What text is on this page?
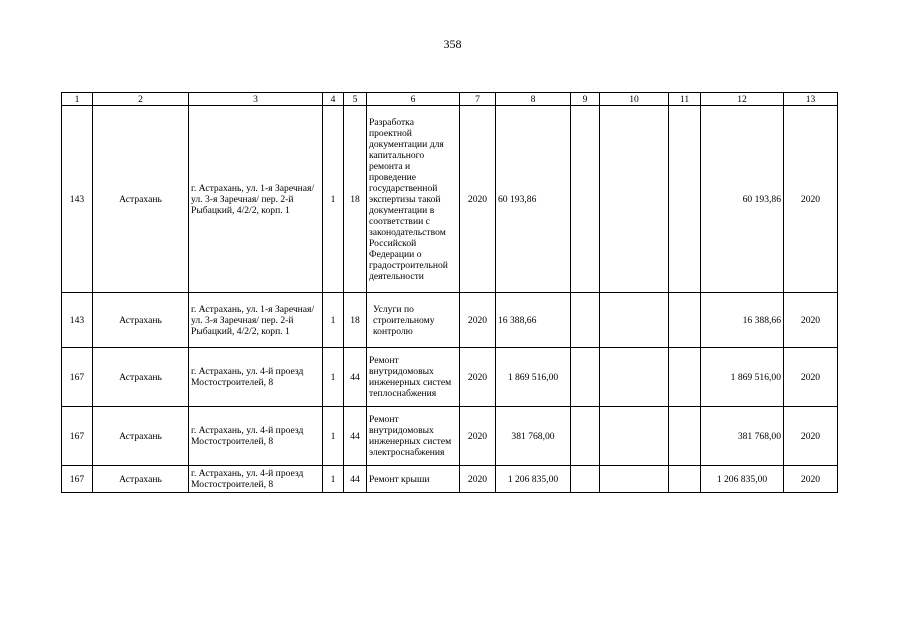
358
1	2	3	4	5	6	7	8	9	10	11	12	13
143	Астрахань	г. Астрахань, ул. 1-я Заречная/ ул. 3-я Заречная/ пер. 2-й Рыбацкий, 4/2/2, корп. 1	1	18	Разработка проектной документации для капитального ремонта и проведение государственной экспертизы такой документации в соответствии с законодательством Российской Федерации о градостроительной деятельности	2020	60 193,86				60 193,86	2020
143	Астрахань	г. Астрахань, ул. 1-я Заречная/ ул. 3-я Заречная/ пер. 2-й Рыбацкий, 4/2/2, корп. 1	1	18	Услуги по строительному контролю	2020	16 388,66				16 388,66	2020
167	Астрахань	г. Астрахань, ул. 4-й проезд Мостостроителей, 8	1	44	Ремонт внутридомовых инженерных систем теплоснабжения	2020	1 869 516,00				1 869 516,00	2020
167	Астрахань	г. Астрахань, ул. 4-й проезд Мостостроителей, 8	1	44	Ремонт внутридомовых инженерных систем электроснабжения	2020	381 768,00				381 768,00	2020
167	Астрахань	г. Астрахань, ул. 4-й проезд Мостостроителей, 8	1	44	Ремонт крыши	2020	1 206 835,00				1 206 835,00	2020
